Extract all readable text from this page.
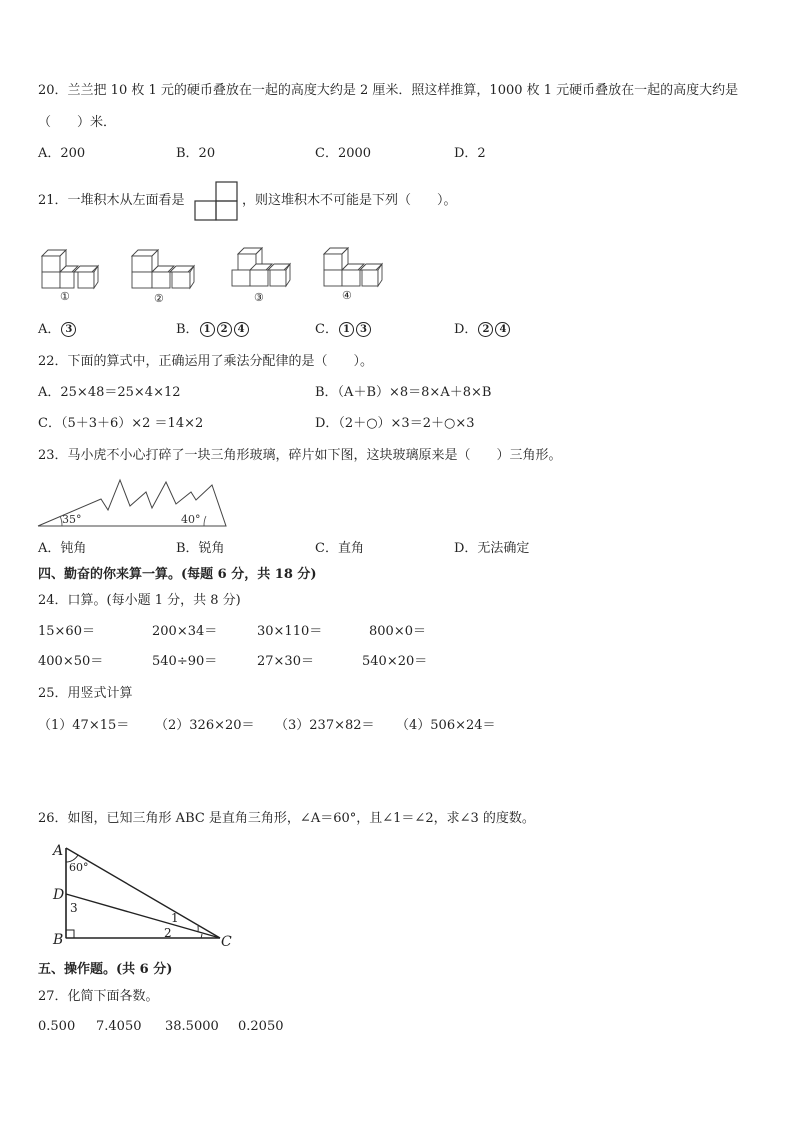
20．兰兰把 10 枚 1 元的硬币叠放在一起的高度大约是 2 厘米．照这样推算，1000 枚 1 元硬币叠放在一起的高度大约是
（　　）米．
A．200	B．20	C．2000	D．2
21．一堆积木从左面看是	，则这堆积木不可能是下列（　　）。
①	②	③	④
A． 3	B． 1 2 4	C． 1 3	D． 2 4
22．下面的算式中，正确运用了乘法分配律的是（　　）。
A．25×48＝25×4×12	B．（A＋B）×8＝8×A＋8×B
C．（5＋3＋6）×2 ＝14×2	D．（2＋○）×3＝2＋○×3
23．马小虎不小心打碎了一块三角形玻璃，碎片如下图，这块玻璃原来是（　　）三角形。
35°	40°
A．钝角	B．锐角	C．直角	D．无法确定
四、勤奋的你来算一算。(每题 6 分，共 18 分)
24．口算。(每小题 1 分，共 8 分)
15×60＝	200×34＝	30×110＝	800×0＝
400×50＝	540÷90＝	27×30＝	540×20＝
25．用竖式计算
（1）47×15＝ （2）326×20＝ （3）237×82＝ （4）506×24＝
26．如图，已知三角形 ABC 是直角三角形，∠A＝60°，且∠1＝∠2，求∠3 的度数。
A
D
B	C
60°
3
1
2
五、操作题。(共 6 分)
27．化简下面各数。
0.500 7.4050 38.5000 0.2050
